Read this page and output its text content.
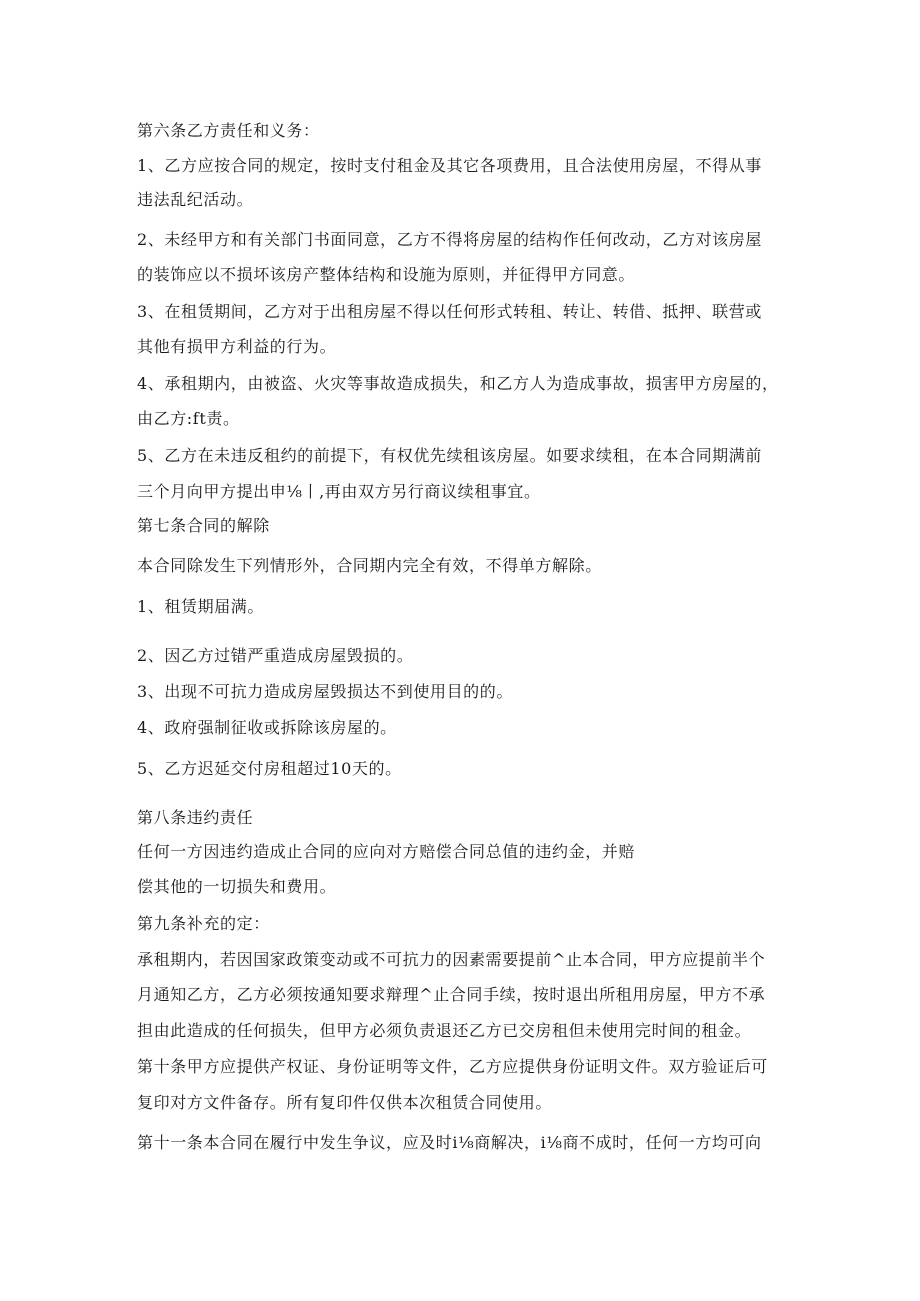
第六条乙方责任和义务：
1、乙方应按合同的规定，按时支付租金及其它各项费用，且合法使用房屋，不得从事
违法乱纪活动。
2、未经甲方和有关部门书面同意，乙方不得将房屋的结构作任何改动，乙方对该房屋
的装饰应以不损坏该房产整体结构和设施为原则，并征得甲方同意。
3、在租赁期间，乙方对于出租房屋不得以任何形式转租、转让、转借、抵押、联营或
其他有损甲方利益的行为。
4、承租期内，由被盗、火灾等事故造成损失，和乙方人为造成事故，损害甲方房屋的，
由乙方:ft责。
5、乙方在未违反租约的前提下，有权优先续租该房屋。如要求续租，在本合同期满前
三个月向甲方提出申⅛丨,再由双方另行商议续租事宜。
第七条合同的解除
本合同除发生下列情形外，合同期内完全有效，不得单方解除。
1、租赁期届满。
2、因乙方过错严重造成房屋毁损的。
3、出现不可抗力造成房屋毁损达不到使用目的的。
4、政府强制征收或拆除该房屋的。
5、乙方迟延交付房租超过10天的。
第八条违约责任
任何一方因违约造成止合同的应向对方赔偿合同总值的违约金，并赔
偿其他的一切损失和费用。
第九条补充的定：
承租期内，若因国家政策变动或不可抗力的因素需要提前^止本合同，甲方应提前半个
月通知乙方，乙方必须按通知要求辩理^止合同手续，按时退出所租用房屋，甲方不承
担由此造成的任何损失，但甲方必须负责退还乙方已交房租但未使用完时间的租金。
第十条甲方应提供产权证、身份证明等文件，乙方应提供身份证明文件。双方验证后可
复印对方文件备存。所有复印件仅供本次租赁合同使用。
第十一条本合同在履行中发生争议，应及时i⅛商解决，i⅛商不成时，任何一方均可向
